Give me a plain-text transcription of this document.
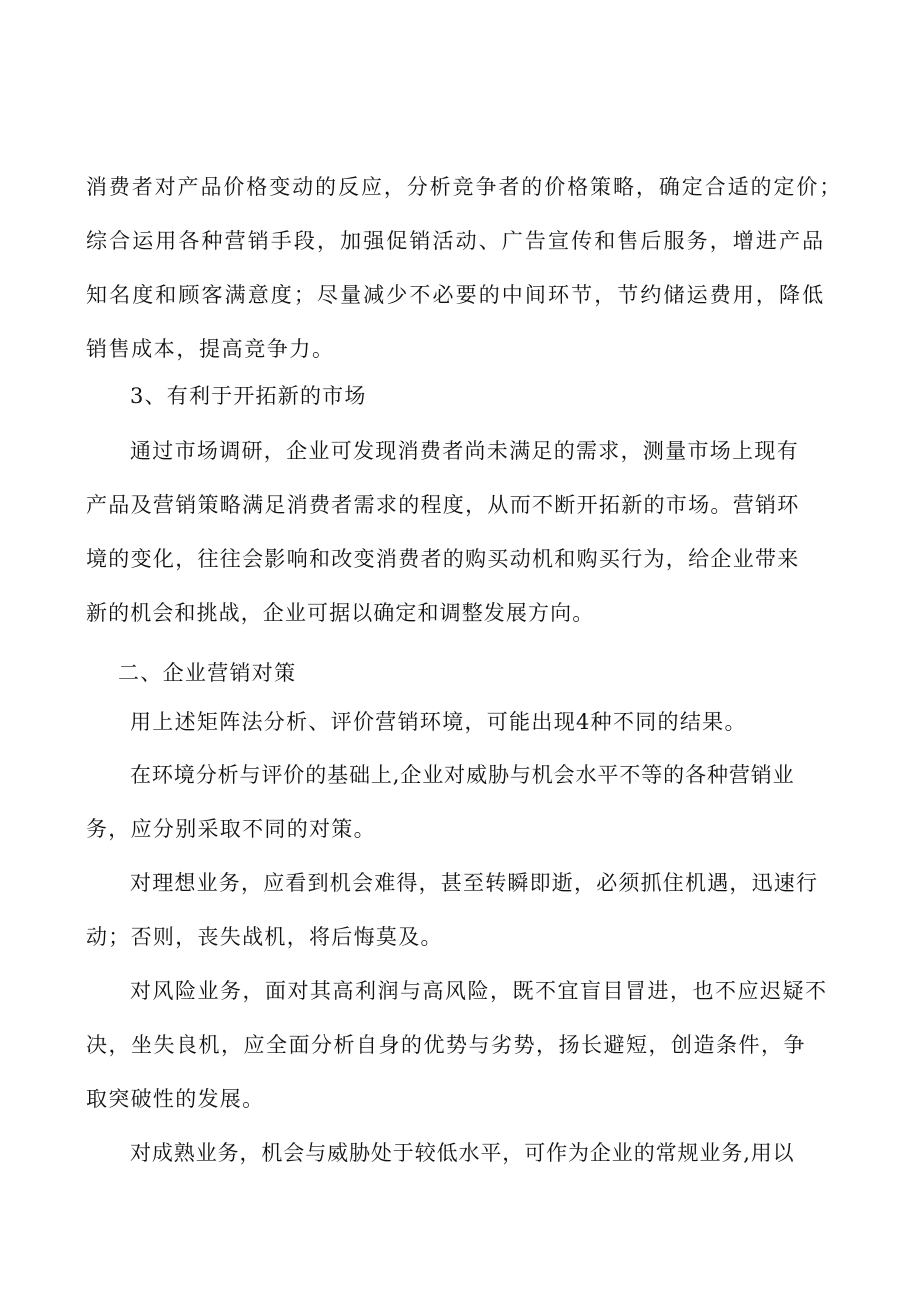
消费者对产品价格变动的反应，分析竞争者的价格策略，确定合适的定价；
综合运用各种营销手段，加强促销活动、广告宣传和售后服务，增进产品
知名度和顾客满意度；尽量减少不必要的中间环节，节约储运费用，降低
销售成本，提高竞争力。
3、有利于开拓新的市场
通过市场调研，企业可发现消费者尚未满足的需求，测量市场上现有
产品及营销策略满足消费者需求的程度，从而不断开拓新的市场。营销环
境的变化，往往会影响和改变消费者的购买动机和购买行为，给企业带来
新的机会和挑战，企业可据以确定和调整发展方向。
二、企业营销对策
用上述矩阵法分析、评价营销环境，可能出现4种不同的结果。
在环境分析与评价的基础上,企业对威胁与机会水平不等的各种营销业
务，应分别采取不同的对策。
对理想业务，应看到机会难得，甚至转瞬即逝，必须抓住机遇，迅速行
动；否则，丧失战机，将后悔莫及。
对风险业务，面对其高利润与高风险，既不宜盲目冒进，也不应迟疑不
决，坐失良机，应全面分析自身的优势与劣势，扬长避短，创造条件，争
取突破性的发展。
对成熟业务，机会与威胁处于较低水平，可作为企业的常规业务,用以
